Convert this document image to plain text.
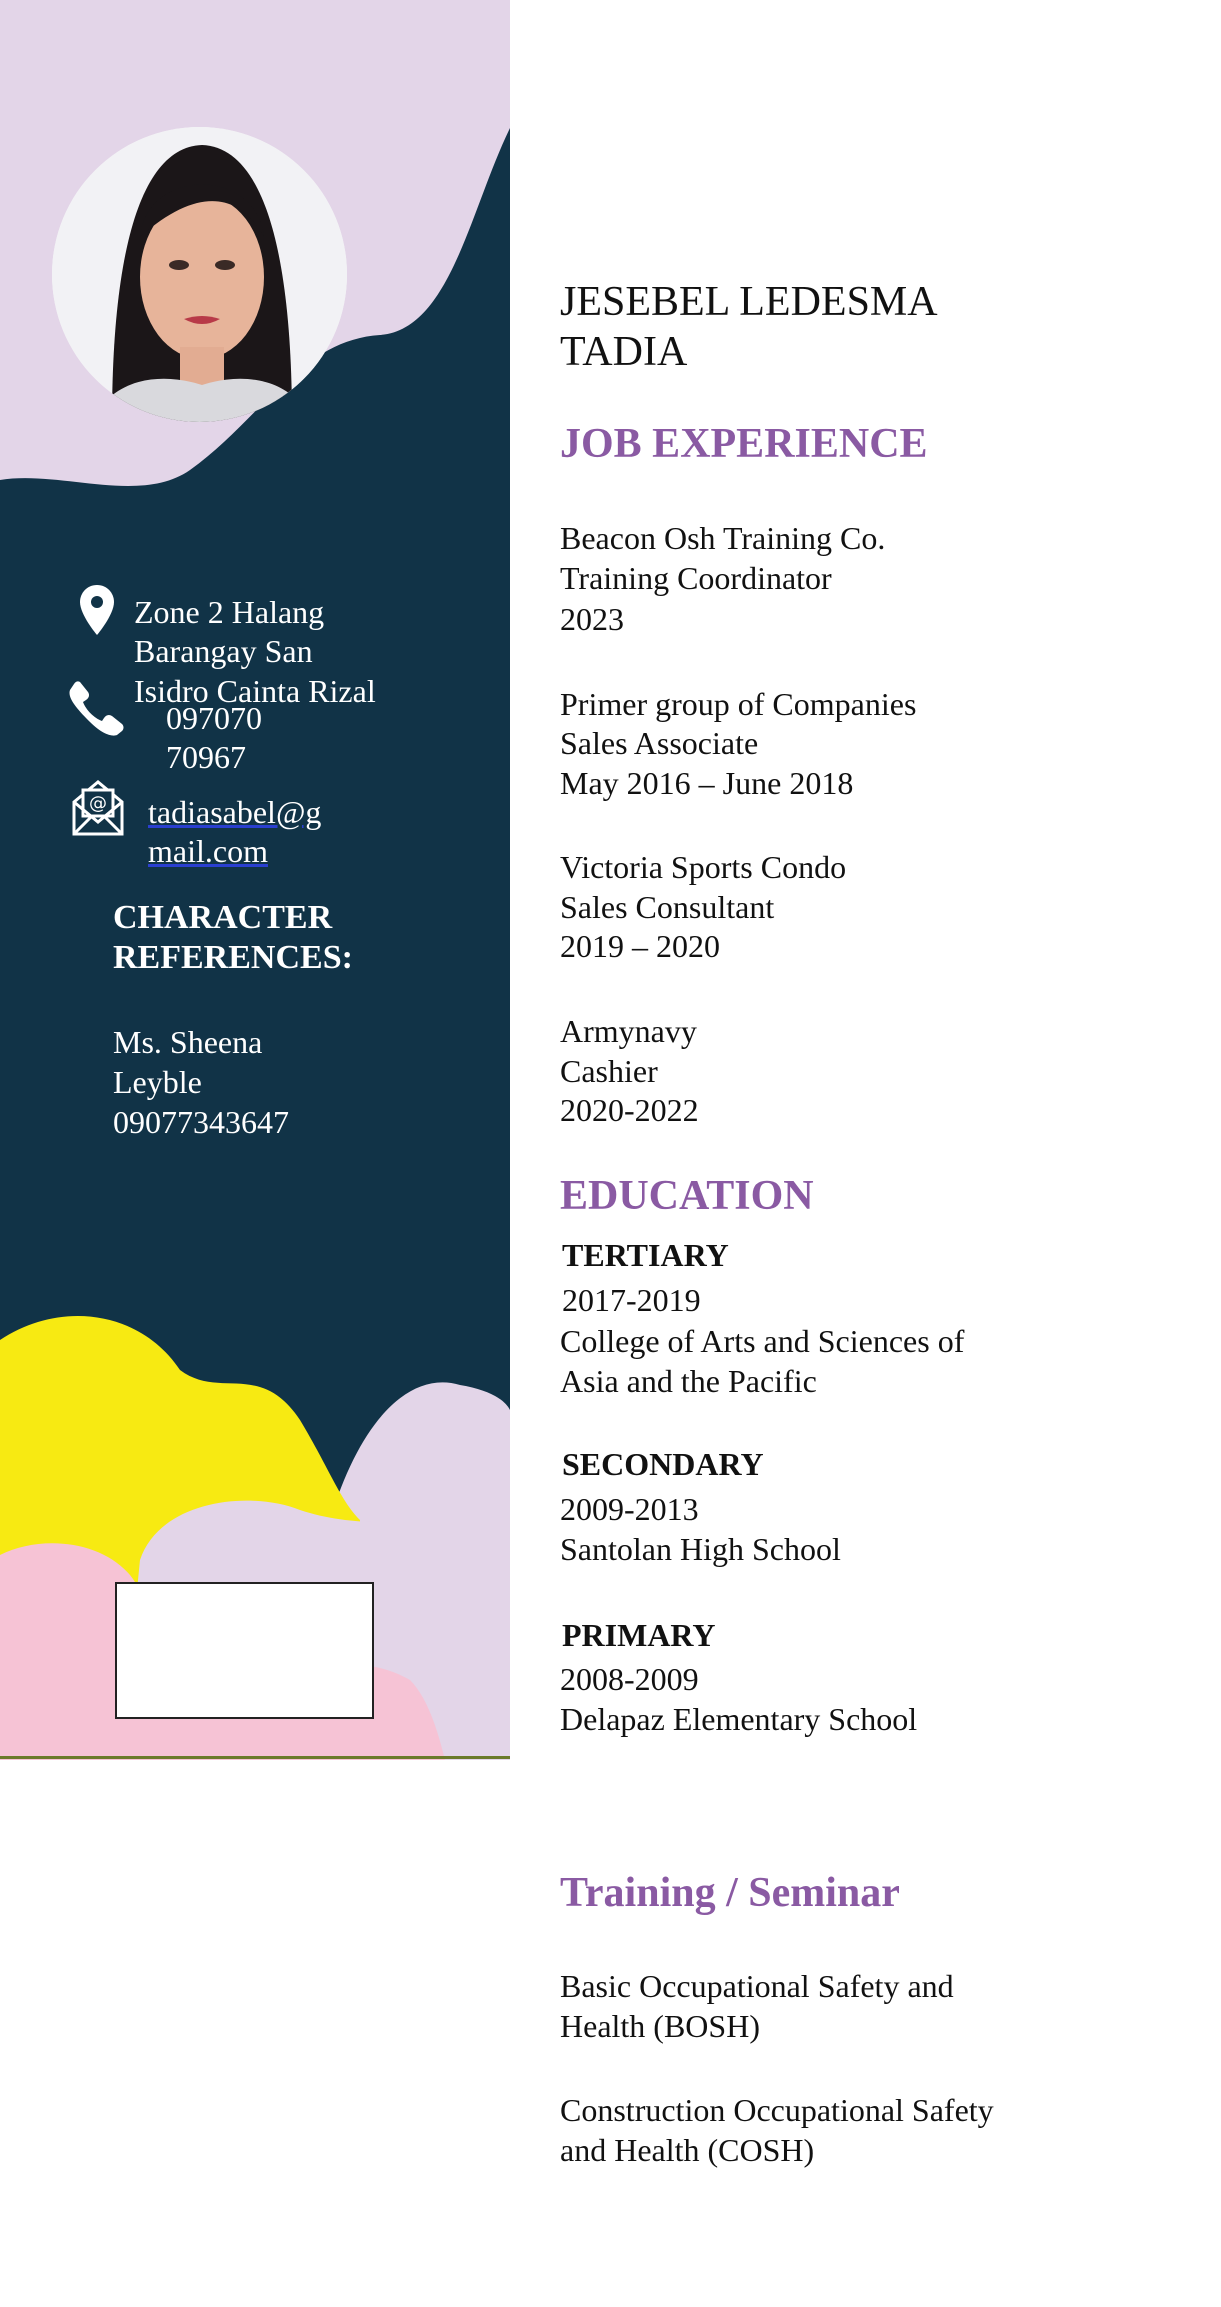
Zone 2 Halang
Barangay San
Isidro Cainta Rizal
097070
70967
@ tadiasabel@g
mail.com
CHARACTER
REFERENCES:
Ms. Sheena
Leyble
09077343647
JESEBEL LEDESMA
TADIA
JOB EXPERIENCE
Beacon Osh Training Co.
Training Coordinator
2023
Primer group of Companies
Sales Associate
May 2016 – June 2018
Victoria Sports Condo
Sales Consultant
2019 – 2020
Armynavy
Cashier
2020-2022
EDUCATION
TERTIARY
2017-2019
College of Arts and Sciences of
Asia and the Pacific
SECONDARY
2009-2013
Santolan High School
PRIMARY
2008-2009
Delapaz Elementary School
Training / Seminar
Basic Occupational Safety and
Health (BOSH)
Construction Occupational Safety
and Health (COSH)
